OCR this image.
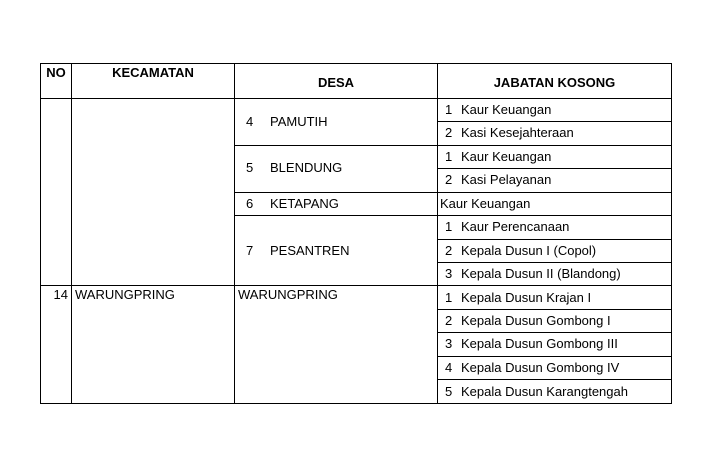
NO	KECAMATAN	DESA	JABATAN KOSONG
		4 PAMUTIH	1 Kaur Keuangan
			2 Kasi Kesejahteraan
		5 BLENDUNG	1 Kaur Keuangan
			2 Kasi Pelayanan
		6 KETAPANG	Kaur Keuangan
		7 PESANTREN	1 Kaur Perencanaan
			2 Kepala Dusun I (Copol)
			3 Kepala Dusun II (Blandong)
14	WARUNGPRING	WARUNGPRING	1 Kepala Dusun Krajan I
			2 Kepala Dusun Gombong I
			3 Kepala Dusun Gombong III
			4 Kepala Dusun Gombong IV
			5 Kepala Dusun Karangtengah
